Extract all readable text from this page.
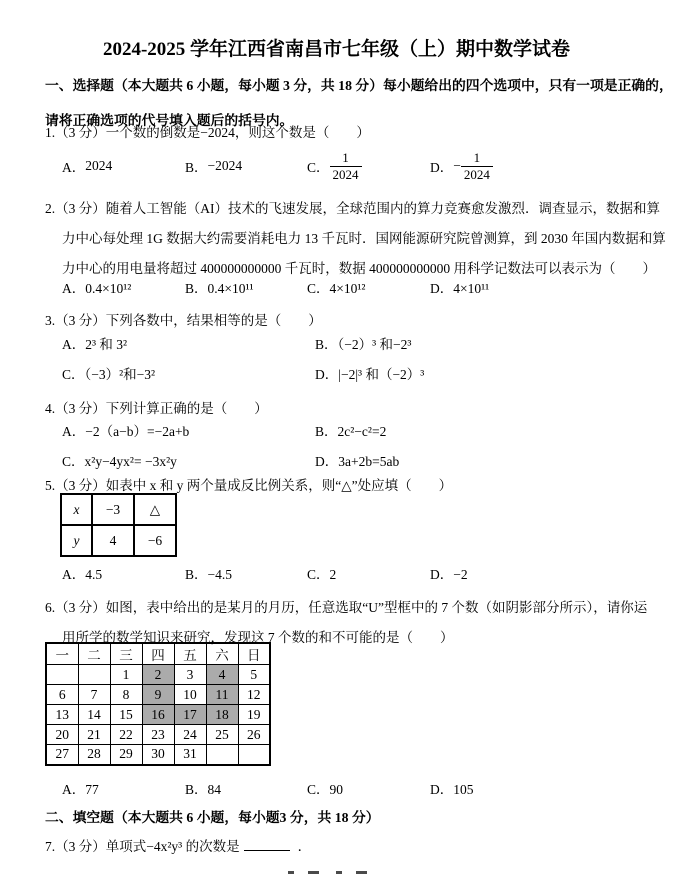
2024-2025 学年江西省南昌市七年级（上）期中数学试卷
一、选择题（本大题共 6 小题，每小题 3 分，共 18 分）每小题给出的四个选项中，只有一项是正确的，
请将正确选项的代号填入题后的括号内。
1.（3 分）一个数的倒数是−2024，则这个数是（　　）
A． 2024	B． −2024	C． $\frac{1}{2024}$	D． − $\frac{1}{2024}$
2.（3 分）随着人工智能（AI）技术的飞速发展，全球范围内的算力竞赛愈发激烈．调查显示，数据和算
力中心每处理 1G 数据大约需要消耗电力 13 千瓦时．国网能源研究院曾测算，到 2030 年国内数据和算
力中心的用电量将超过 400000000000 千瓦时，数据 400000000000 用科学记数法可以表示为（　　）
A．0.4×10¹²	B．0.4×10¹¹	C．4×10¹²	D．4×10¹¹
3.（3 分）下列各数中，结果相等的是（　　）
A．2³ 和 3²	B．（−2）³ 和−2³
C．（−3）²和−3²	D．|−2|³ 和（−2）³
4.（3 分）下列计算正确的是（　　）
A．−2（a−b）=−2a+b	B．2c²−c²=2
C．x²y−4yx²= −3x²y	D．3a+2b=5ab
5.（3 分）如表中 x 和 y 两个量成反比例关系，则“△”处应填（　　）
x	−3	△
y	4	−6
A．4.5	B．−4.5	C．2	D．−2
6.（3 分）如图，表中给出的是某月的月历，任意选取“U”型框中的 7 个数（如阴影部分所示），请你运
用所学的数学知识来研究，发现这 7 个数的和不可能的是（　　）
一	二	三	四	五	六	日
		1	2	3	4	5
6	7	8	9	10	11	12
13	14	15	16	17	18	19
20	21	22	23	24	25	26
27	28	29	30	31		
A．77	B．84	C．90	D．105
二、填空题（本大题共 6 小题，每小题3 分，共 18 分）
7.（3 分）单项式−4x²y³ 的次数是	．
